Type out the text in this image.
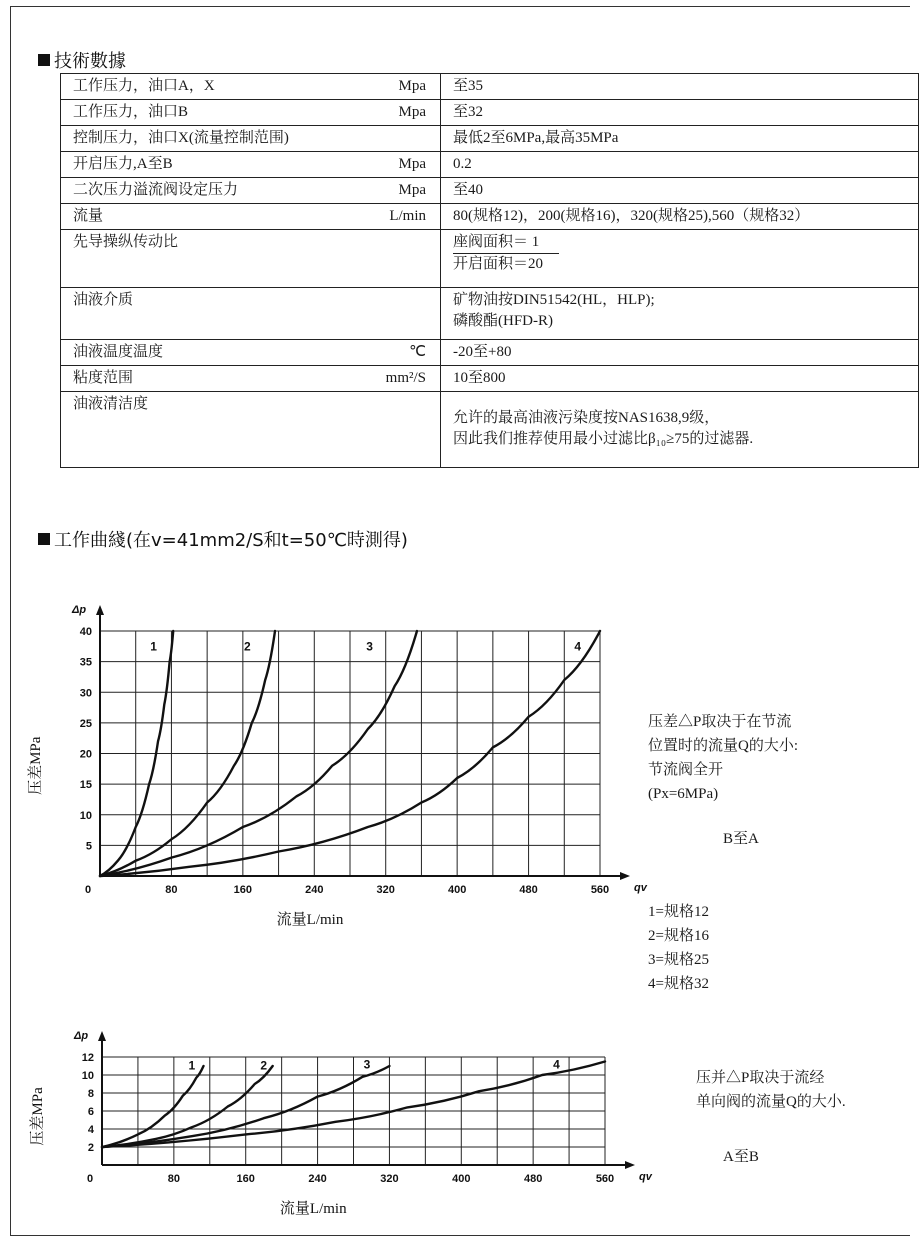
技術數據
工作压力，油口A，X Mpa	至35

工作压力，油口B Mpa	至32

控制压力，油口X(流量控制范围)	最低2至6MPa,最高35MPa

开启压力,A至B Mpa	0.2

二次压力溢流阀设定压力 Mpa	至40

流量 L/min	80(规格12)，200(规格16)，320(规格25),560（规格32）

先导操纵传动比	$\frac{\text{座阀面积＝ 1}}{\text{开启面积＝20}}$

油液介质	矿物油按DIN51542(HL，HLP);
磷酸酯(HFD-R)

油液温度温度 ℃	-20至+80

粘度范围 mm²/S	10至800

油液清洁度	允许的最高油液污染度按NAS1638,9级，
因此我们推荐使用最小过滤比β₁₀≥75的过滤器.
工作曲綫(在v=41mm2/S和t=50℃時測得)
Δp
qv
0	80	160	240	320	400	480	560
5
10
15
20
25
30
35
40
流量L/min
压差MPa
1	2	3	4
Δp
qv
0	80	160	240	320	400	480	560
2
4
6
8
10
12
流量L/min
压差MPa
1	2	3	4
压差△P取决于在节流
位置时的流量Q的大小:
节流阀全开
(Px=6MPa)
B至A
1=规格12
2=规格16
3=规格25
4=规格32
压并△P取决于流经
单向阀的流量Q的大小.
A至B
